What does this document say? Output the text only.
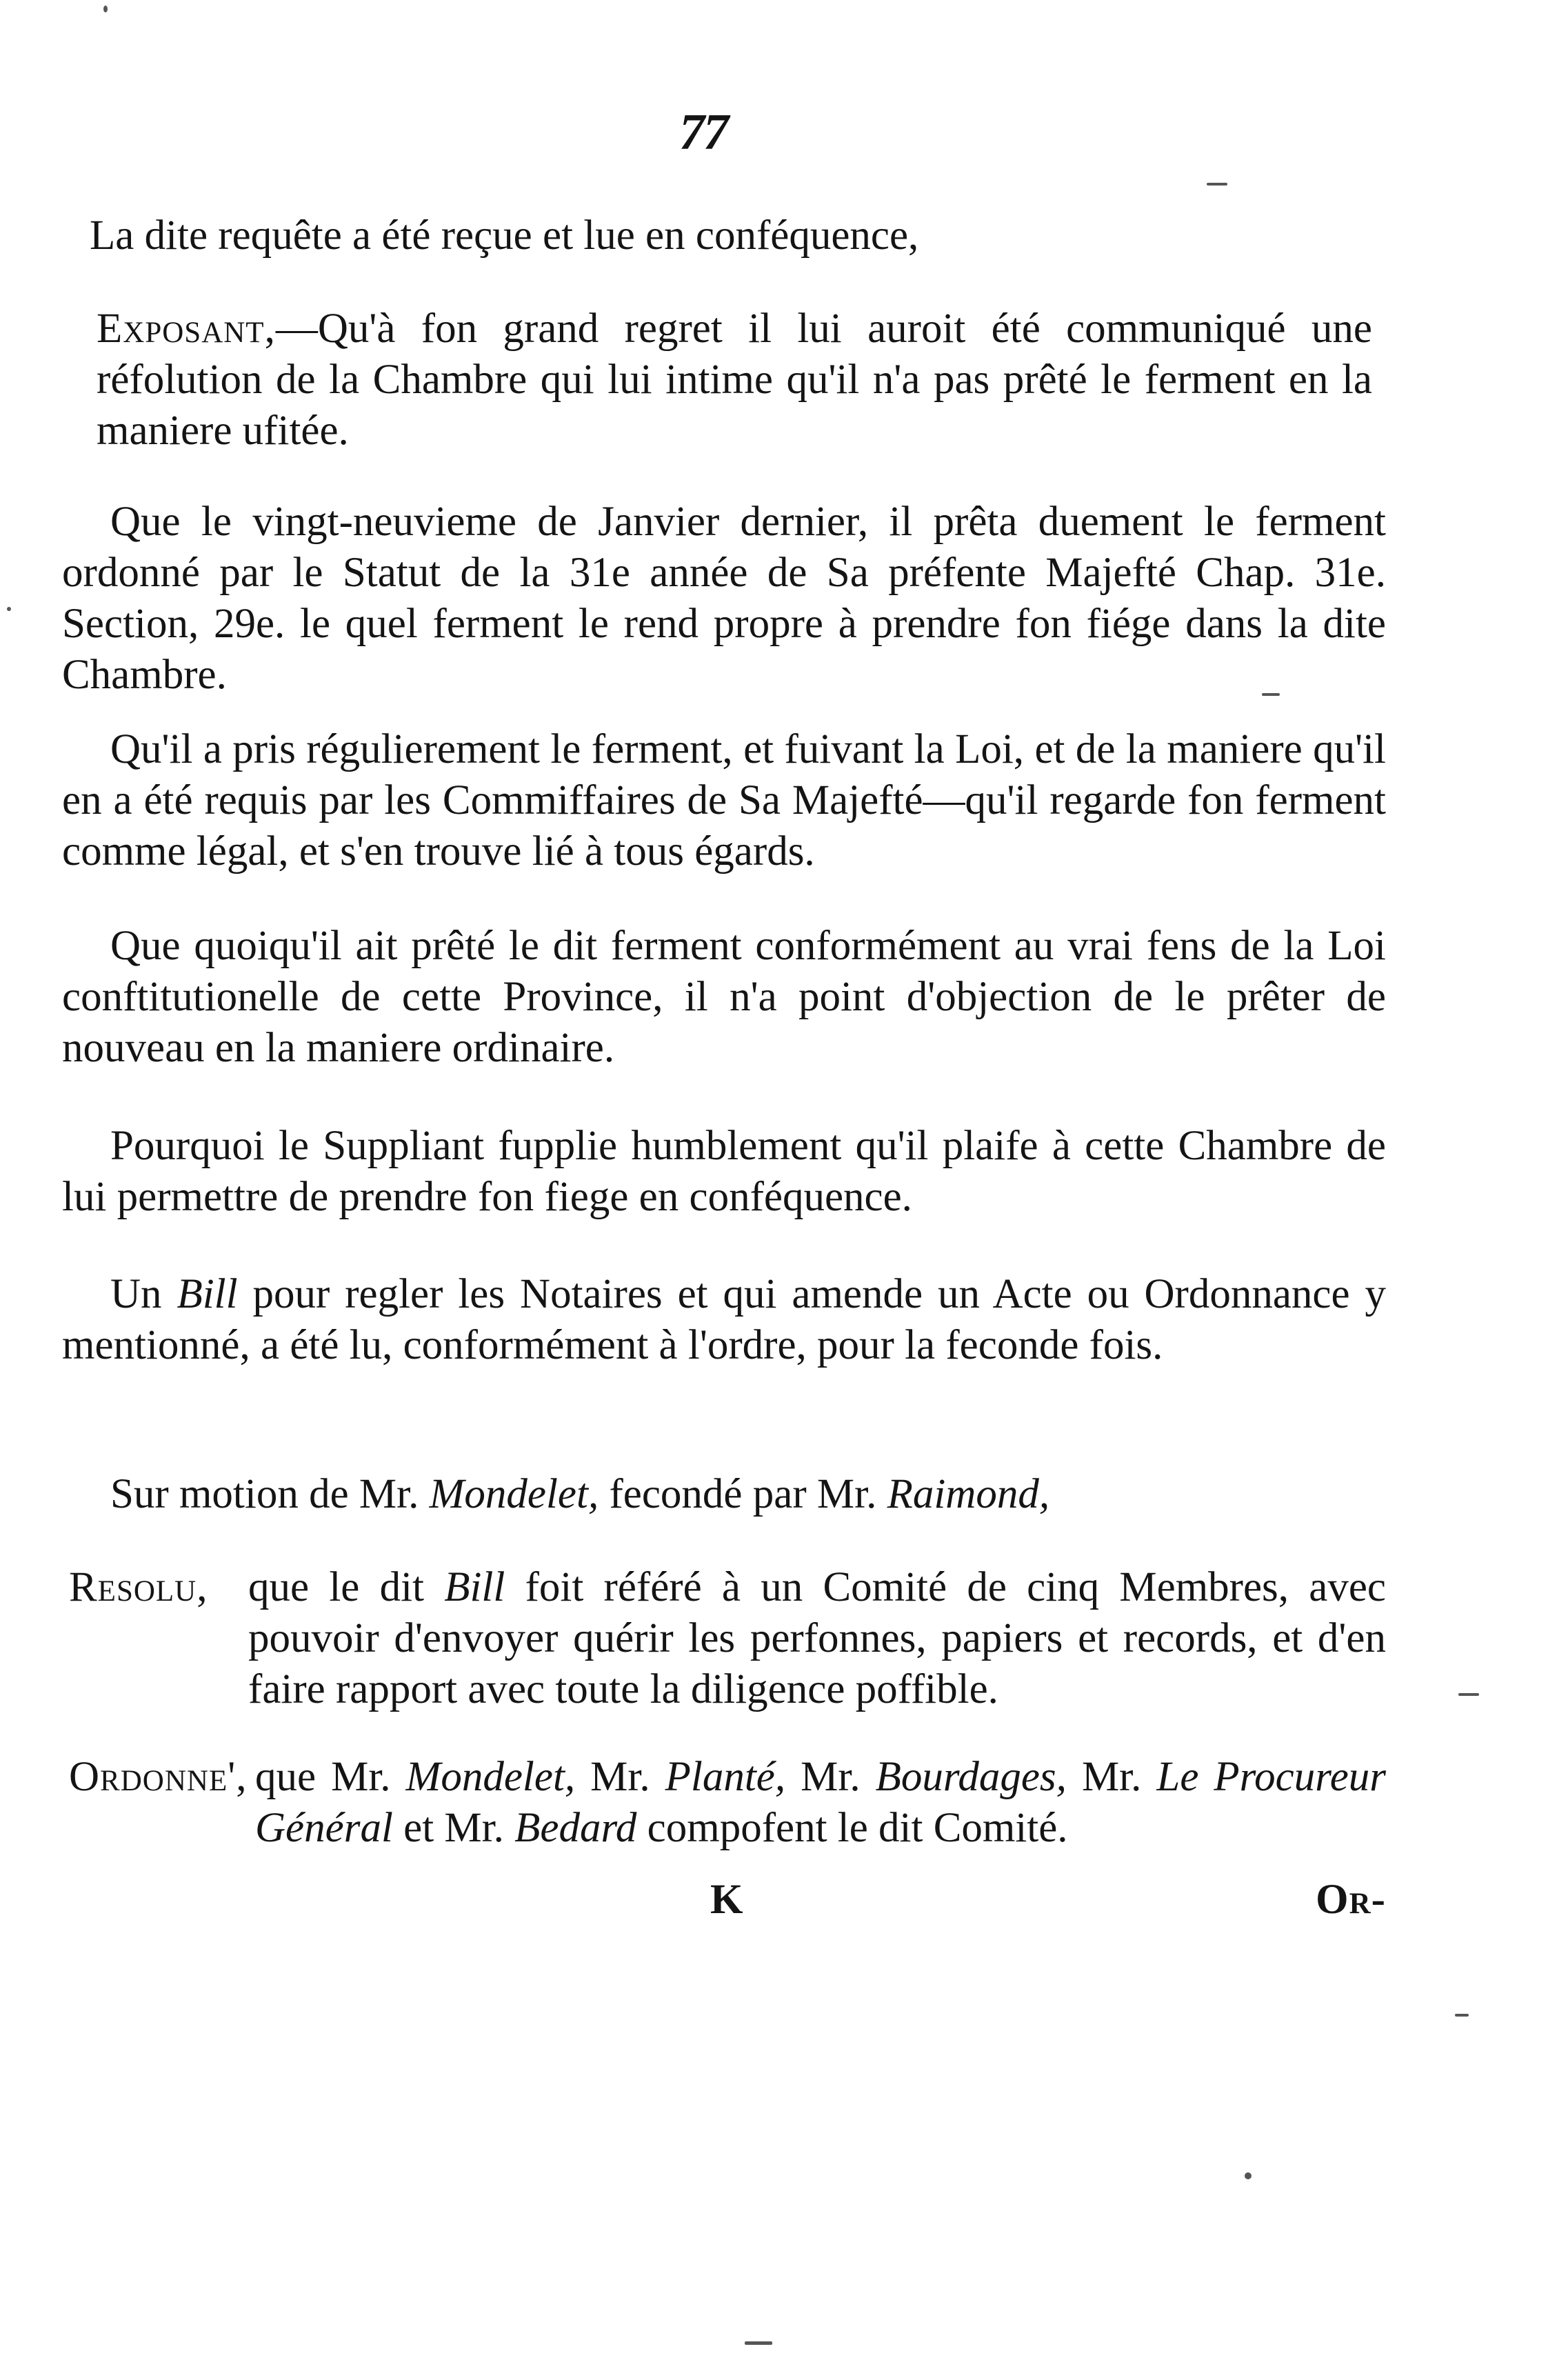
77
La dite requête a été reçue et lue en conféquence,
Exposant,—Qu'à fon grand regret il lui auroit été communiqué une réfolution de la Chambre qui lui intime qu'il n'a pas prêté le ferment en la maniere ufitée.
Que le vingt-neuvieme de Janvier dernier, il prêta duement le ferment ordonné par le Statut de la 31e année de Sa préfente Majefté Chap. 31e. Section, 29e. le quel ferment le rend propre à prendre fon fiége dans la dite Chambre.
Qu'il a pris régulierement le ferment, et fuivant la Loi, et de la maniere qu'il en a été requis par les Commiffaires de Sa Majefté—qu'il regarde fon ferment comme légal, et s'en trouve lié à tous égards.
Que quoiqu'il ait prêté le dit ferment conformément au vrai fens de la Loi conftitutionelle de cette Province, il n'a point d'objection de le prêter de nouveau en la maniere ordinaire.
Pourquoi le Suppliant fupplie humblement qu'il plaife à cette Chambre de lui permettre de prendre fon fiege en conféquence.
Un Bill pour regler les Notaires et qui amende un Acte ou Ordonnance y mentionné, a été lu, conformément à l'ordre, pour la feconde fois.
Sur motion de Mr. Mondelet, fecondé par Mr. Raimond,
Resolu, que le dit Bill foit référé à un Comité de cinq Membres, avec pouvoir d'envoyer quérir les perfonnes, papiers et records, et d'en faire rapport avec toute la diligence poffible.
Ordonne', que Mr. Mondelet, Mr. Planté, Mr. Bourdages, Mr. Le Procureur Général et Mr. Bedard compofent le dit Comité.
K	Or-
